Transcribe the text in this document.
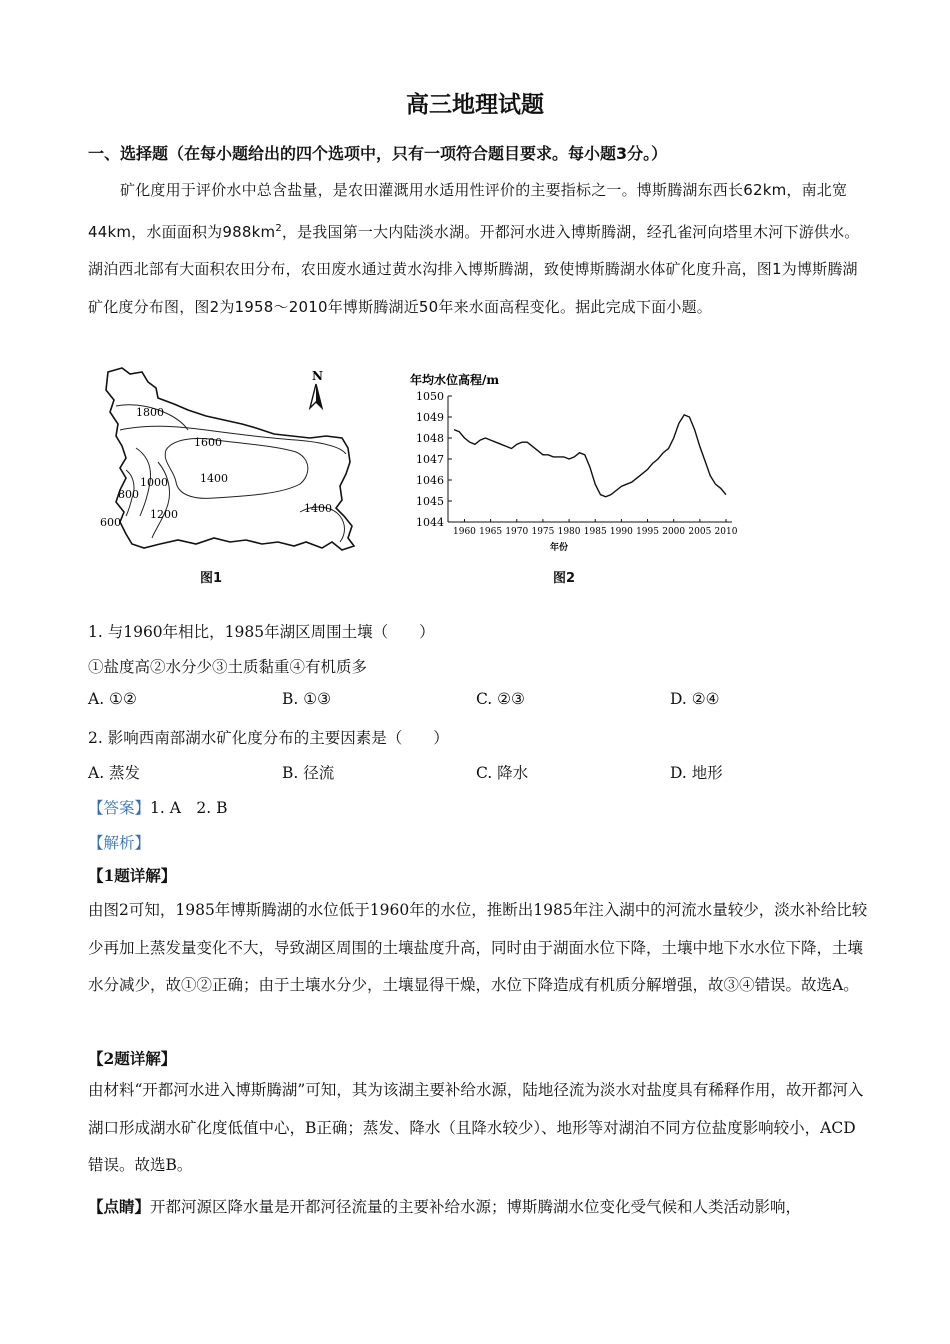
高三地理试题
一、选择题（在每小题给出的四个选项中，只有一项符合题目要求。每小题3分。）
矿化度用于评价水中总含盐量，是农田灌溉用水适用性评价的主要指标之一。博斯腾湖东西长62km，南北宽44km，水面面积为$988km^2$，是我国第一大内陆淡水湖。开都河水进入博斯腾湖，经孔雀河向塔里木河下游供水。湖泊西北部有大面积农田分布，农田废水通过黄水沟排入博斯腾湖，致使博斯腾湖水体矿化度升高，图1为博斯腾湖矿化度分布图，图2为1958～2010年博斯腾湖近50年来水面高程变化。据此完成下面小题。
1800
1600
1400
1000
800
1200
600
1400
N
图1
年均水位高程/m
1050
1049
1048
1047
1046
1045
1044
1960 1965 1970 1975 1980 1985 1990 1995 2000 2005 2010
年份
图2
1. 与1960年相比，1985年湖区周围土壤（　　）
①盐度高②水分少③土质黏重④有机质多
A. ①②	B. ①③	C. ②③	D. ②④
2. 影响西南部湖水矿化度分布的主要因素是（　　）
A. 蒸发	B. 径流	C. 降水	D. 地形
【答案】1. A　2. B
【解析】
【1题详解】
由图2可知，1985年博斯腾湖的水位低于1960年的水位，推断出1985年注入湖中的河流水量较少，淡水补给比较少再加上蒸发量变化不大，导致湖区周围的土壤盐度升高，同时由于湖面水位下降，土壤中地下水水位下降，土壤水分减少，故①②正确；由于土壤水分少，土壤显得干燥，水位下降造成有机质分解增强，故③④错误。故选A。
【2题详解】
由材料“开都河水进入博斯腾湖”可知，其为该湖主要补给水源，陆地径流为淡水对盐度具有稀释作用，故开都河入湖口形成湖水矿化度低值中心，B正确；蒸发、降水（且降水较少）、地形等对湖泊不同方位盐度影响较小，ACD错误。故选B。
【点睛】开都河源区降水量是开都河径流量的主要补给水源；博斯腾湖水位变化受气候和人类活动影响，
